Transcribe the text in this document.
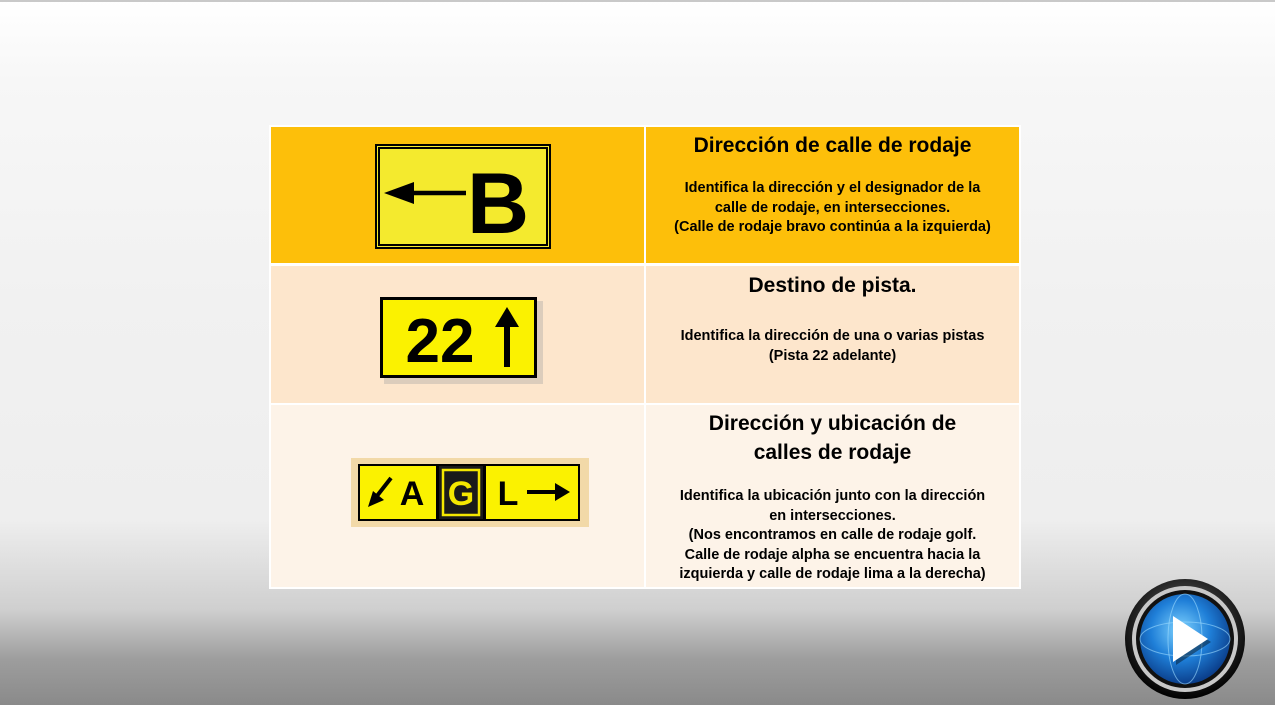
B
Dirección de calle de rodaje
Identifica la dirección y el designador de la
calle de rodaje, en intersecciones.
(Calle de rodaje bravo continúa a la izquierda)
22
Destino de pista.
Identifica la dirección de una o varias pistas
(Pista 22 adelante)
A G L
Dirección y ubicación de
calles de rodaje
Identifica la ubicación junto con la dirección
en intersecciones.
(Nos encontramos en calle de rodaje golf.
Calle de rodaje alpha se encuentra hacia la
izquierda y calle de rodaje lima a la derecha)
